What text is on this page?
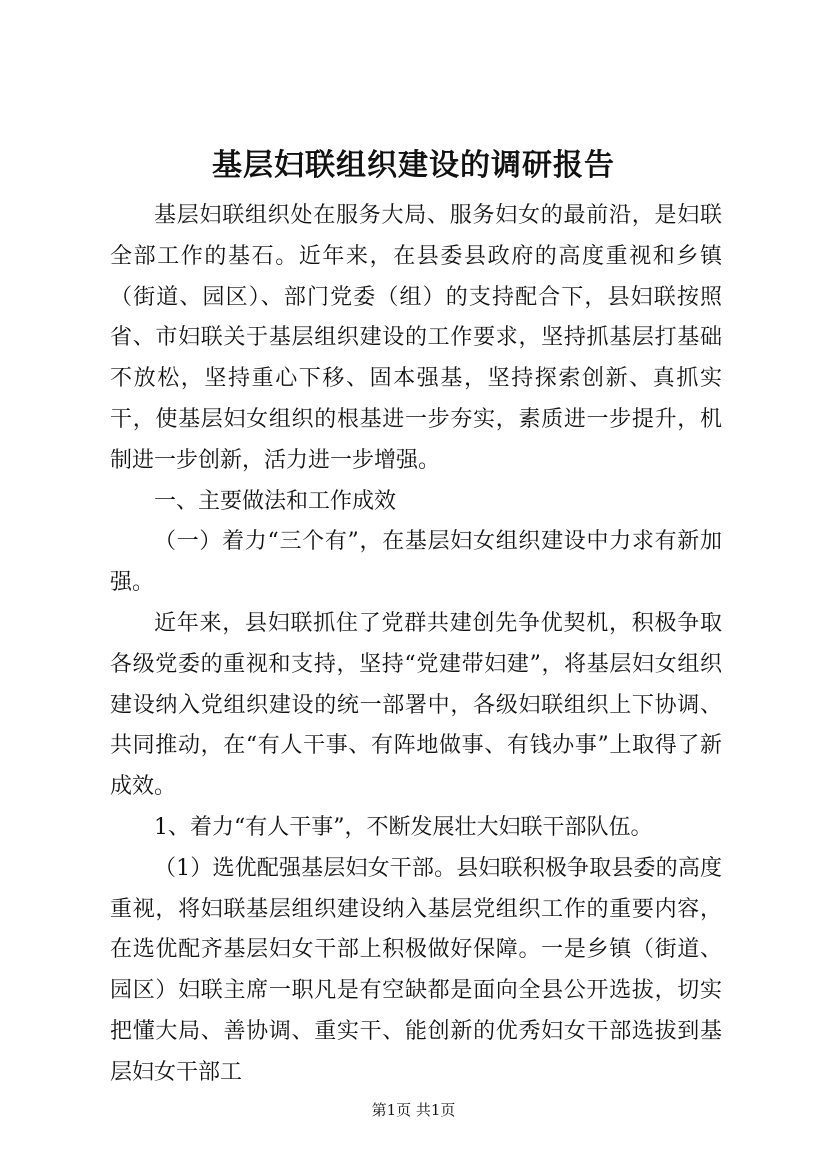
基层妇联组织建设的调研报告

基层妇联组织处在服务大局、服务妇女的最前沿，是妇联全部工作的基石。近年来，在县委县政府的高度重视和乡镇（街道、园区）、部门党委（组）的支持配合下，县妇联按照省、市妇联关于基层组织建设的工作要求，坚持抓基层打基础不放松，坚持重心下移、固本强基，坚持探索创新、真抓实干，使基层妇女组织的根基进一步夯实，素质进一步提升，机制进一步创新，活力进一步增强。

一、主要做法和工作成效

（一）着力“三个有”，在基层妇女组织建设中力求有新加强。

近年来，县妇联抓住了党群共建创先争优契机，积极争取各级党委的重视和支持，坚持“党建带妇建”，将基层妇女组织建设纳入党组织建设的统一部署中，各级妇联组织上下协调、共同推动，在“有人干事、有阵地做事、有钱办事”上取得了新成效。

1、着力“有人干事”，不断发展壮大妇联干部队伍。

（1）选优配强基层妇女干部。县妇联积极争取县委的高度重视，将妇联基层组织建设纳入基层党组织工作的重要内容，在选优配齐基层妇女干部上积极做好保障。一是乡镇（街道、园区）妇联主席一职凡是有空缺都是面向全县公开选拔，切实把懂大局、善协调、重实干、能创新的优秀妇女干部选拔到基层妇女干部工

第1页 共1页
